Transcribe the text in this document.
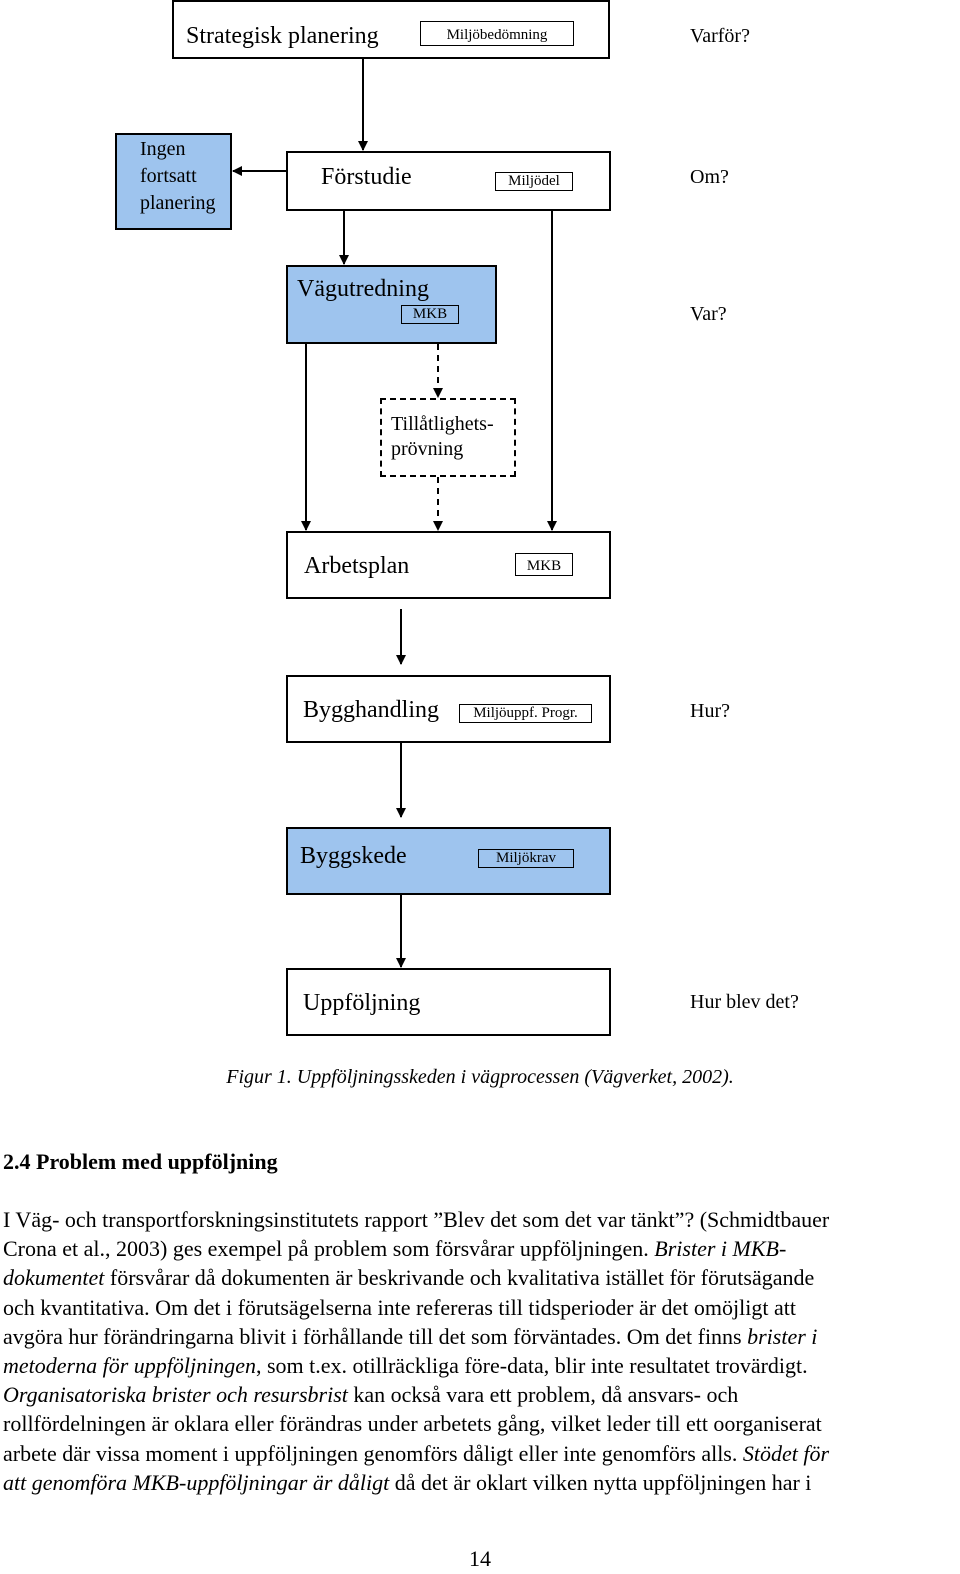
Strategisk planering	Miljöbedömning
Ingen
fortsatt
planering
Förstudie	Miljödel
Vägutredning
MKB
Tillåtlighets-
prövning
Arbetsplan	MKB
Bygghandling	Miljöuppf. Progr.
Byggskede	Miljökrav
Uppföljning
Varför?
Om?
Var?
Hur?
Hur blev det?
Figur 1. Uppföljningsskeden i vägprocessen (Vägverket, 2002).
2.4 Problem med uppföljning
I Väg- och transportforskningsinstitutets rapport ”Blev det som det var tänkt”? (Schmidtbauer
Crona et al., 2003) ges exempel på problem som försvårar uppföljningen. Brister i MKB-
dokumentet försvårar då dokumenten är beskrivande och kvalitativa istället för förutsägande
och kvantitativa. Om det i förutsägelserna inte refereras till tidsperioder är det omöjligt att
avgöra hur förändringarna blivit i förhållande till det som förväntades. Om det finns brister i
metoderna för uppföljningen, som t.ex. otillräckliga före-data, blir inte resultatet trovärdigt.
Organisatoriska brister och resursbrist kan också vara ett problem, då ansvars- och
rollfördelningen är oklara eller förändras under arbetets gång, vilket leder till ett oorganiserat
arbete där vissa moment i uppföljningen genomförs dåligt eller inte genomförs alls. Stödet för
att genomföra MKB-uppföljningar är dåligt då det är oklart vilken nytta uppföljningen har i
14
